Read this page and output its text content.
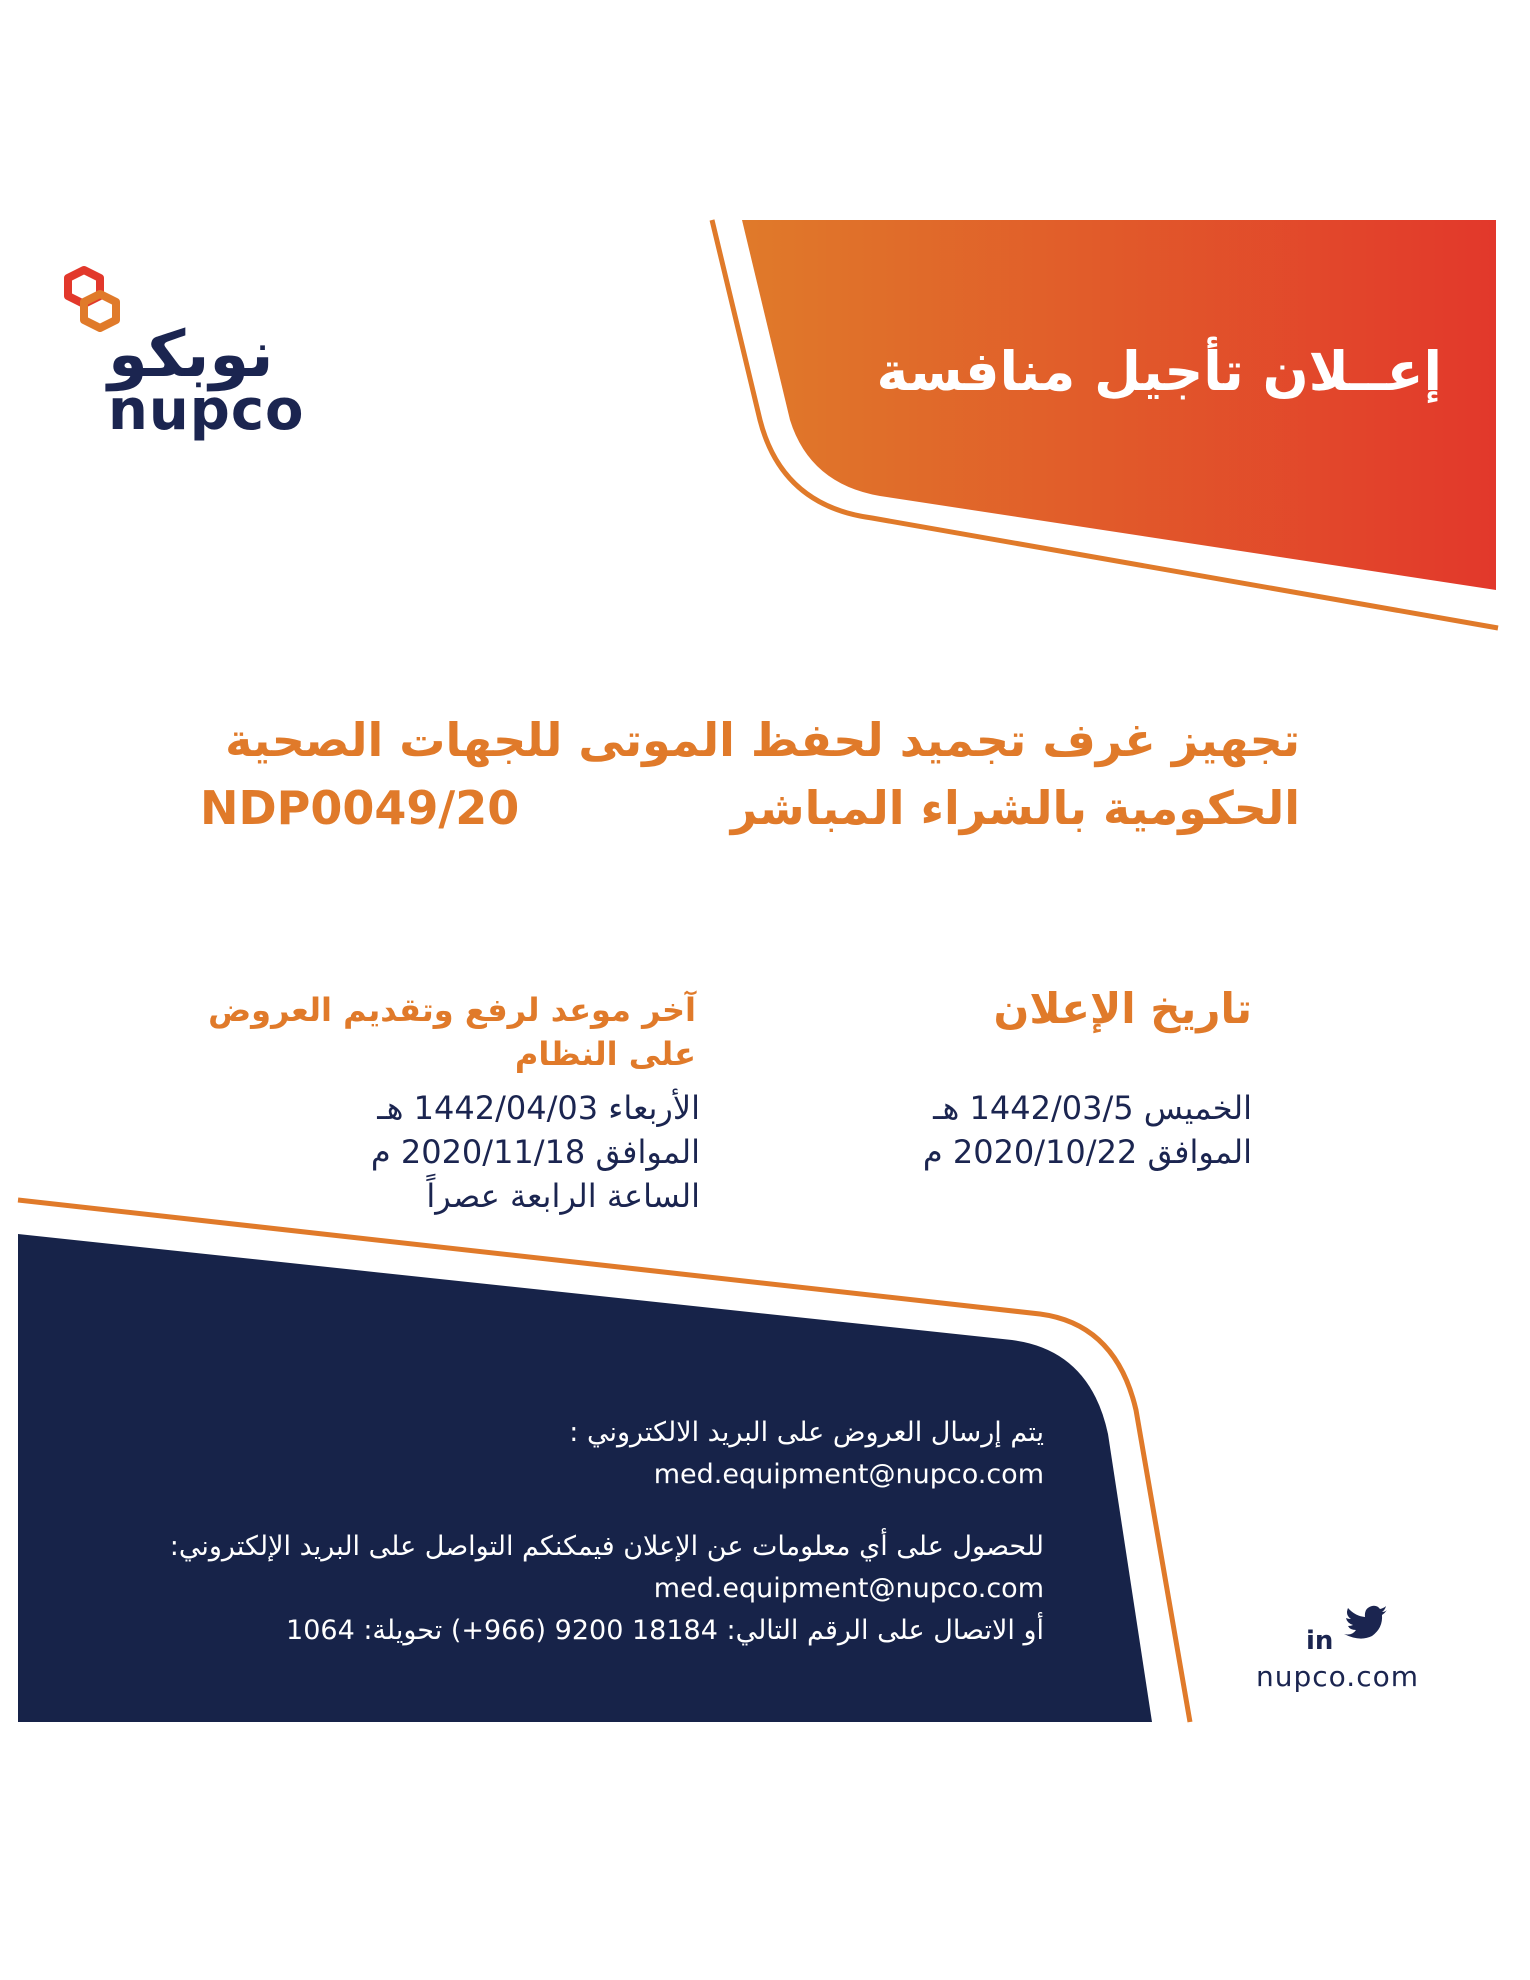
نوبكو
nupco
إعــلان تأجيل منافسة
تجهيز غرف تجميد لحفظ الموتى للجهات الصحية
الحكومية بالشراء المباشر
NDP0049/20
تاريخ الإعلان
الخميس 1442/03/5 هـ
الموافق 2020/10/22 م
آخر موعد لرفع وتقديم العروض
على النظام
الأربعاء 1442/04/03 هـ
الموافق 2020/11/18 م
الساعة الرابعة عصراً
يتم إرسال العروض على البريد الالكتروني :
med.equipment@nupco.com
للحصول على أي معلومات عن الإعلان فيمكنكم التواصل على البريد الإلكتروني:
med.equipment@nupco.com
أو الاتصال على الرقم التالي: 18184 9200 (966+) تحويلة: 1064	in
nupco.com
